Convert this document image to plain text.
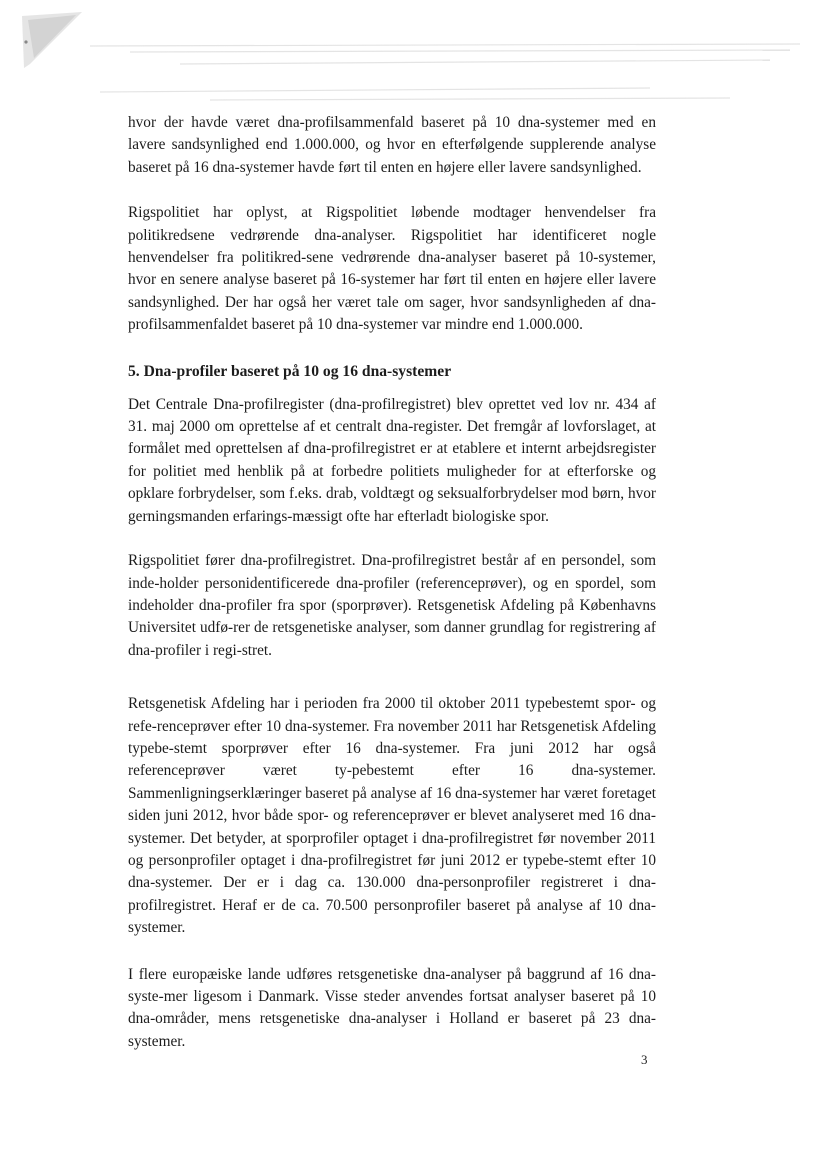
hvor der havde været dna-profilsammenfald baseret på 10 dna-systemer med en lavere sandsynlighed end 1.000.000, og hvor en efterfølgende supplerende analyse baseret på 16 dna-systemer havde ført til enten en højere eller lavere sandsynlighed.

Rigspolitiet har oplyst, at Rigspolitiet løbende modtager henvendelser fra politikredsene vedrørende dna-analyser. Rigspolitiet har identificeret nogle henvendelser fra politikred-sene vedrørende dna-analyser baseret på 10-systemer, hvor en senere analyse baseret på 16-systemer har ført til enten en højere eller lavere sandsynlighed. Der har også her været tale om sager, hvor sandsynligheden af dna-profilsammenfaldet baseret på 10 dna-systemer var mindre end 1.000.000.

5. Dna-profiler baseret på 10 og 16 dna-systemer

Det Centrale Dna-profilregister (dna-profilregistret) blev oprettet ved lov nr. 434 af 31. maj 2000 om oprettelse af et centralt dna-register. Det fremgår af lovforslaget, at formålet med oprettelsen af dna-profilregistret er at etablere et internt arbejdsregister for politiet med henblik på at forbedre politiets muligheder for at efterforske og opklare forbrydelser, som f.eks. drab, voldtægt og seksualforbrydelser mod børn, hvor gerningsmanden erfarings-mæssigt ofte har efterladt biologiske spor.

Rigspolitiet fører dna-profilregistret. Dna-profilregistret består af en persondel, som inde-holder personidentificerede dna-profiler (referenceprøver), og en spordel, som indeholder dna-profiler fra spor (sporprøver). Retsgenetisk Afdeling på Københavns Universitet udfø-rer de retsgenetiske analyser, som danner grundlag for registrering af dna-profiler i regi-stret.

Retsgenetisk Afdeling har i perioden fra 2000 til oktober 2011 typebestemt spor- og refe-renceprøver efter 10 dna-systemer. Fra november 2011 har Retsgenetisk Afdeling typebe-stemt sporprøver efter 16 dna-systemer. Fra juni 2012 har også referenceprøver været ty-pebestemt efter 16 dna-systemer. Sammenligningserklæringer baseret på analyse af 16 dna-systemer har været foretaget siden juni 2012, hvor både spor- og referenceprøver er blevet analyseret med 16 dna-systemer. Det betyder, at sporprofiler optaget i dna-profilregistret før november 2011 og personprofiler optaget i dna-profilregistret før juni 2012 er typebe-stemt efter 10 dna-systemer. Der er i dag ca. 130.000 dna-personprofiler registreret i dna-profilregistret. Heraf er de ca. 70.500 personprofiler baseret på analyse af 10 dna-systemer.

I flere europæiske lande udføres retsgenetiske dna-analyser på baggrund af 16 dna-syste-mer ligesom i Danmark. Visse steder anvendes fortsat analyser baseret på 10 dna-områder, mens retsgenetiske dna-analyser i Holland er baseret på 23 dna-systemer.

3
